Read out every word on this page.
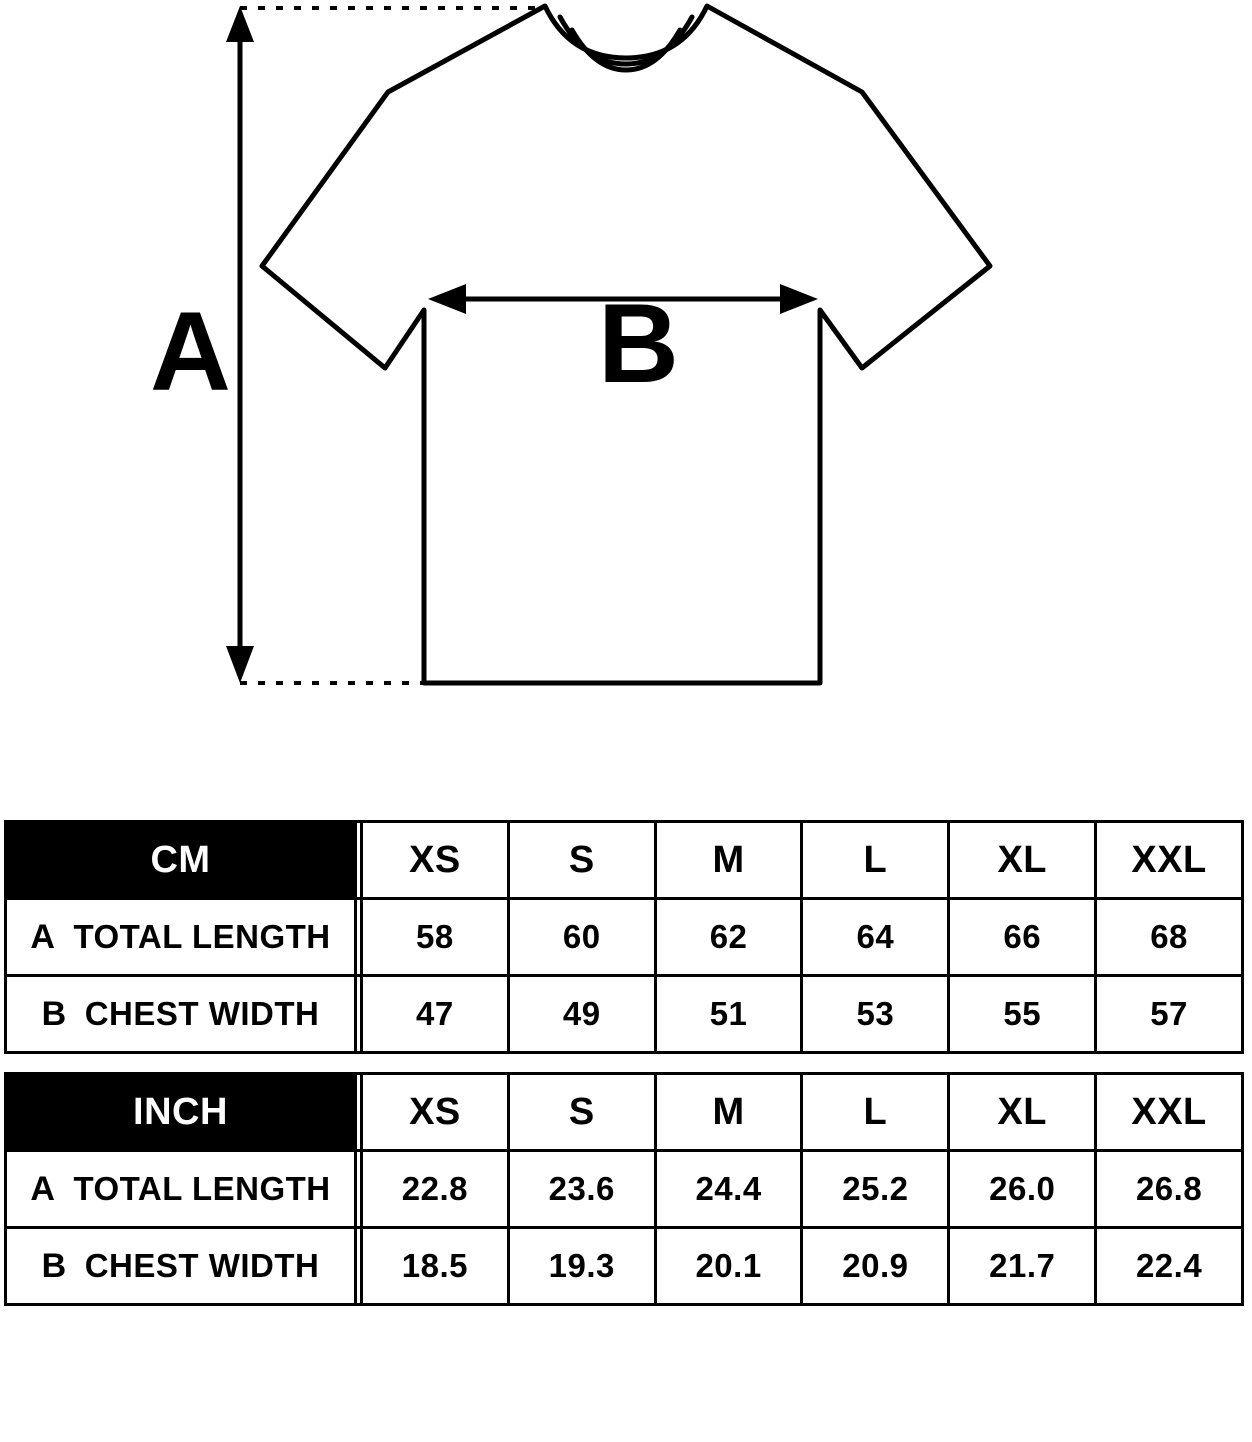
A	B
CM		XS	S	M	L	XL	XXL
A TOTAL LENGTH		58	60	62	64	66	68
B CHEST WIDTH		47	49	51	53	55	57
INCH		XS	S	M	L	XL	XXL
A TOTAL LENGTH		22.8	23.6	24.4	25.2	26.0	26.8
B CHEST WIDTH		18.5	19.3	20.1	20.9	21.7	22.4
